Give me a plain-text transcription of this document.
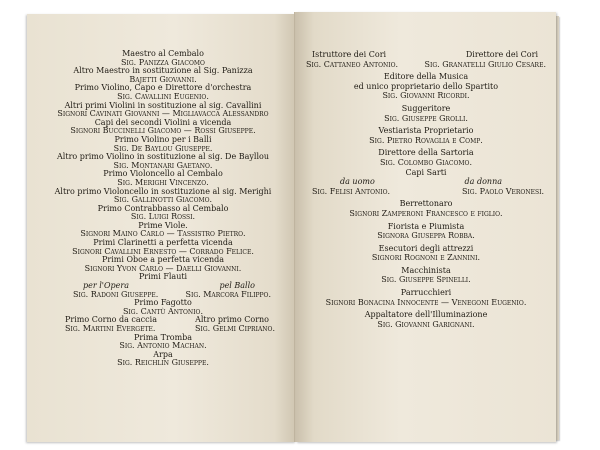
Maestro al Cembalo
Sig. Panizza Giacomo
Altro Maestro in sostituzione al Sig. Panizza
Bajetti Giovanni.
Primo Violino, Capo e Direttore d'orchestra
Sig. Cavallini Eugenio.
Altri primi Violini in sostituzione al sig. Cavallini
Signori Cavinati Giovanni — Migliavacca Alessandro
Capi dei secondi Violini a vicenda
Signori Buccinelli Giacomo — Rossi Giuseppe.
Primo Violino per i Balli
Sig. De Baylou Giuseppe.
Altro primo Violino in sostituzione al sig. De Bayllou
Sig. Montanari Gaetano.
Primo Violoncello al Cembalo
Sig. Merighi Vincenzo.
Altro primo Violoncello in sostituzione al sig. Merighi
Sig. Gallinotti Giacomo.
Primo Contrabbasso al Cembalo
Sig. Luigi Rossi.
Prime Viole.
Signori Maino Carlo — Tassistro Pietro.
Primi Clarinetti a perfetta vicenda
Signori Cavallini Ernesto — Corrado Felice.
Primi Oboe a perfetta vicenda
Signori Yvon Carlo — Daelli Giovanni.
Primi Flauti
per l'Opera	pel Ballo
Sig. Radoni Giuseppe.	Sig. Marcora Filippo.
Primo Fagotto
Sig. Cantù Antonio.
Primo Corno da caccia	Altro primo Corno
Sig. Martini Evergete.	Sig. Gelmi Cipriano.
Prima Tromba
Sig. Antonio Machan.
Arpa
Sig. Reichlin Giuseppe.
Istruttore dei Cori	Direttore dei Cori
Sig. Cattaneo Antonio.	Sig. Granatelli Giulio Cesare.
Editore della Musica
ed unico proprietario dello Spartito
Sig. Giovanni Ricordi.
Suggeritore
Sig. Giuseppe Grolli.
Vestiarista Proprietario
Sig. Pietro Rovaglia e Comp.
Direttore della Sartoria
Sig. Colombo Giacomo.
Capi Sarti
da uomo	da donna
Sig. Felisi Antonio.	Sig. Paolo Veronesi.
Berrettonaro
Signori Zamperoni Francesco e figlio.
Fiorista e Piumista
Signora Giuseppa Robba.
Esecutori degli attrezzi
Signori Rognoni e Zannini.
Macchinista
Sig. Giuseppe Spinelli.
Parrucchieri
Signori Bonacina Innocente — Venegoni Eugenio.
Appaltatore dell'Illuminazione
Sig. Giovanni Garignani.
